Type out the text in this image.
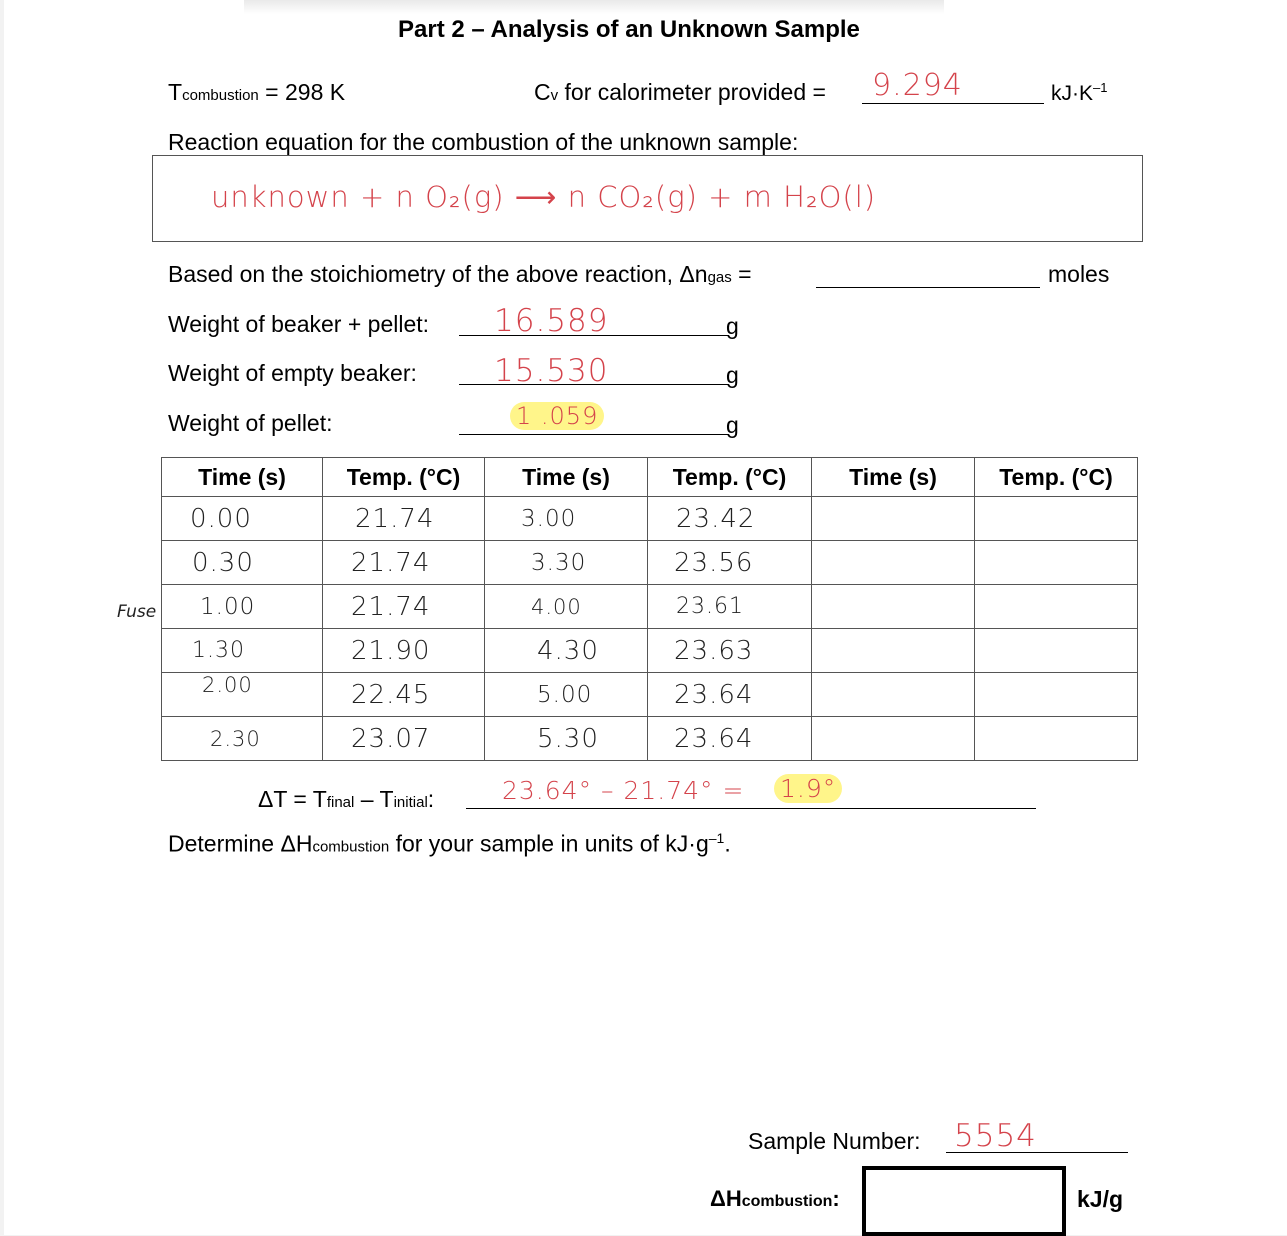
Part 2 – Analysis of an Unknown Sample
Tcombustion = 298 K	Cv for calorimeter provided = 9.294	$kJ\cdot K^{-1}$
Reaction equation for the combustion of the unknown sample:
unknown + n O₂(g) ⟶ n CO₂(g) + m H₂O(l)
Based on the stoichiometry of the above reaction, Δngas =	moles
Weight of beaker + pellet: 16.589	g
Weight of empty beaker: 15.530	g
Weight of pellet:	1 .059	g
Fuse
Time (s)	Temp. (°C)	Time (s)	Temp. (°C)	Time (s)	Temp. (°C)
0.00	21.74	3.00	23.42		
0.30	21.74	3.30	23.56		
1.00	21.74	4.00	23.61		
1.30	21.90	4.30	23.63		
2.00	22.45	5.00	23.64		
2.30	23.07	5.30	23.64		
ΔT = Tfinal – Tinitial:	23.64° – 21.74° = 1.9°
Determine ΔHcombustion for your sample in units of $kJ\cdot g^{-1}$.
Sample Number: 5554
ΔHcombustion:	kJ/g
